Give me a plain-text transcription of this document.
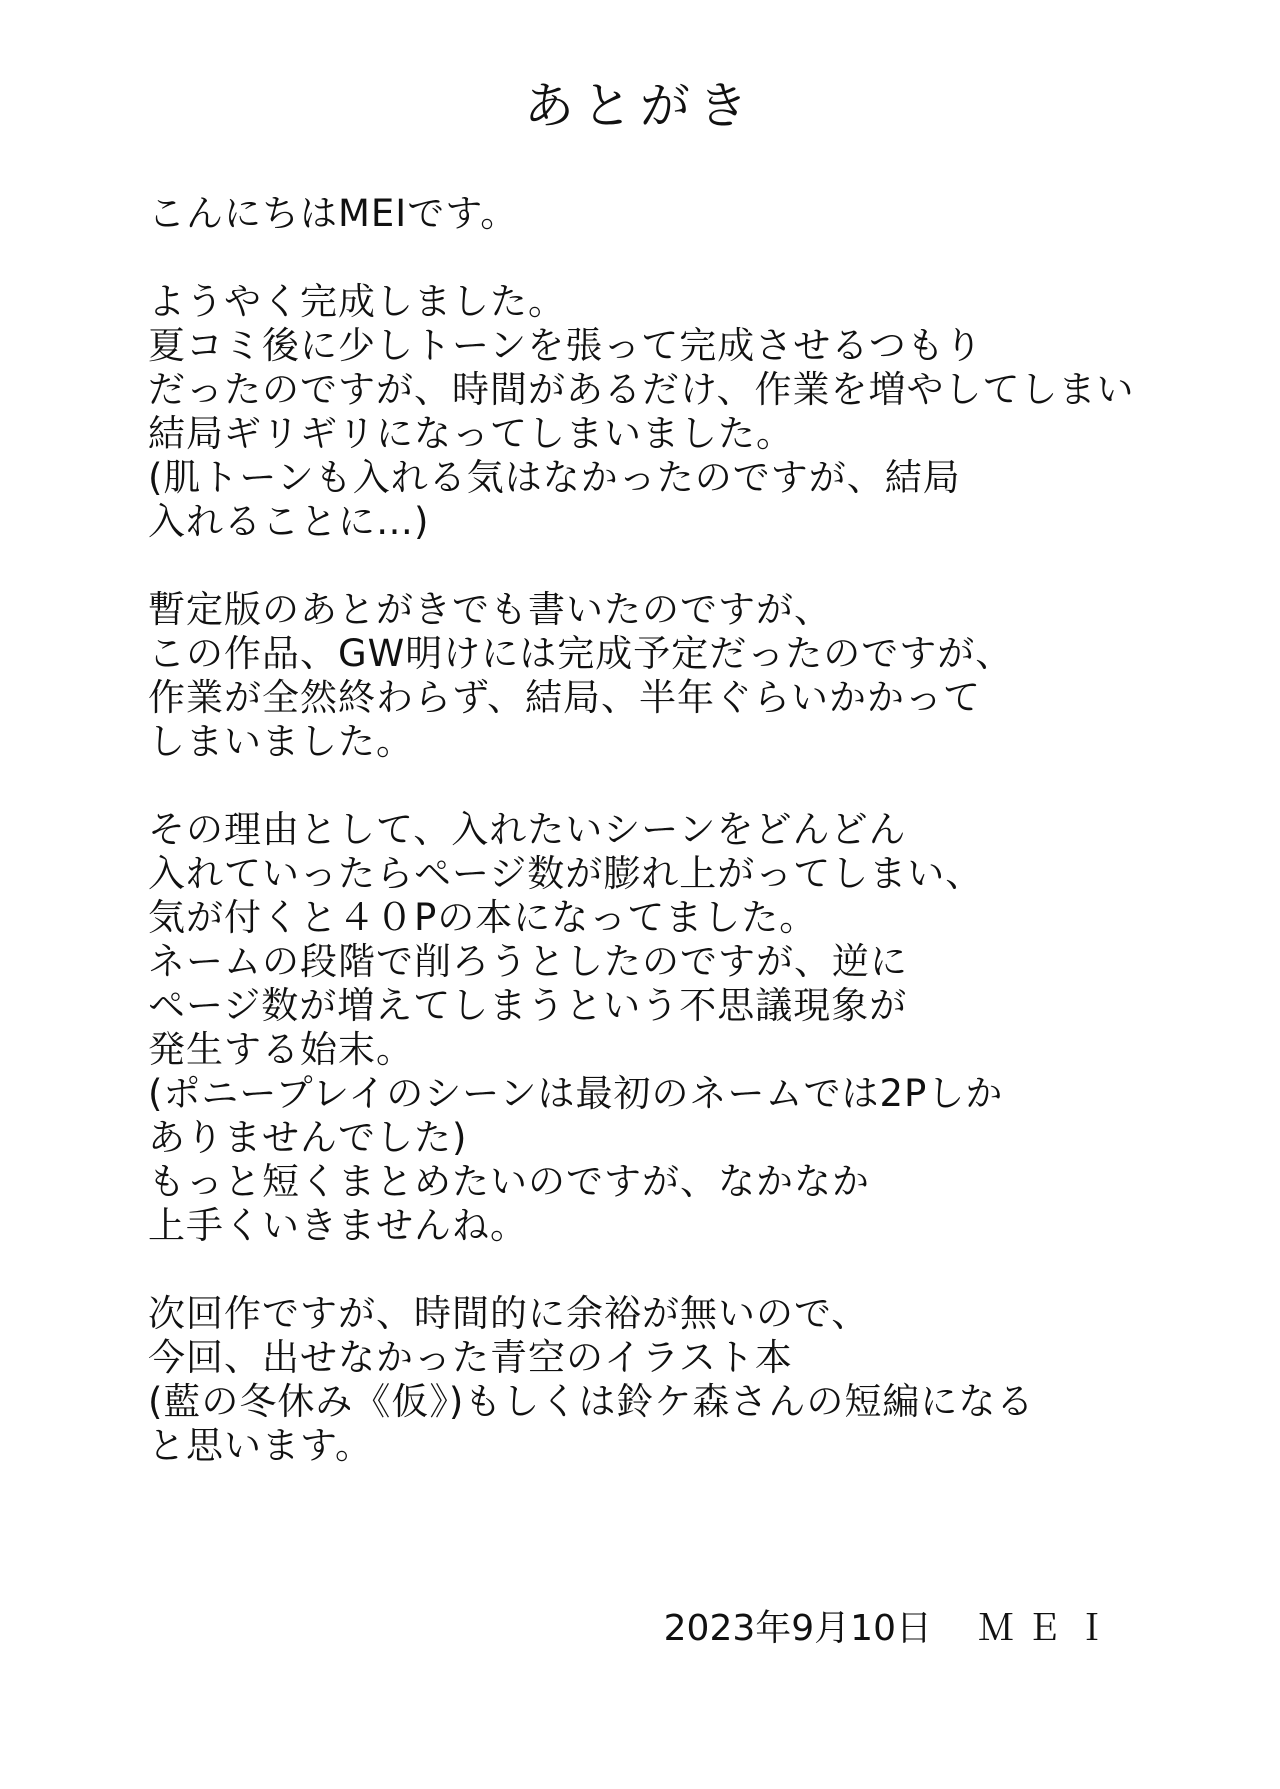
あとがき
こんにちはMEIです。
ようやく完成しました。
夏コミ後に少しトーンを張って完成させるつもり
だったのですが、時間があるだけ、作業を増やしてしまい
結局ギリギリになってしまいました。
(肌トーンも入れる気はなかったのですが、結局
入れることに…)
暫定版のあとがきでも書いたのですが、
この作品、GW明けには完成予定だったのですが、
作業が全然終わらず、結局、半年ぐらいかかって
しまいました。
その理由として、入れたいシーンをどんどん
入れていったらページ数が膨れ上がってしまい、
気が付くと４０Pの本になってました。
ネームの段階で削ろうとしたのですが、逆に
ページ数が増えてしまうという不思議現象が
発生する始末。
(ポニープレイのシーンは最初のネームでは2Pしか
ありませんでした)
もっと短くまとめたいのですが、なかなか
上手くいきませんね。
次回作ですが、時間的に余裕が無いので、
今回、出せなかった青空のイラスト本
(藍の冬休み《仮》)もしくは鈴ケ森さんの短編になる
と思います。
2023年9月10日 ＭＥＩ
